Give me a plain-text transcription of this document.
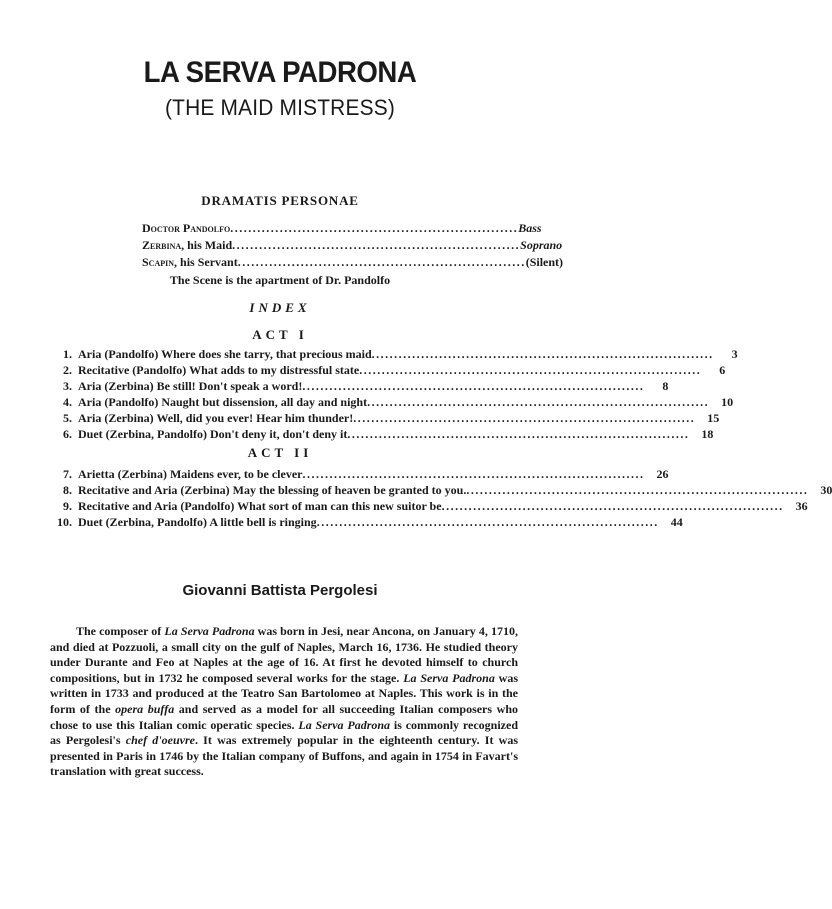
LA SERVA PADRONA
(THE MAID MISTRESS)
DRAMATIS PERSONAE
Doctor Pandolfo ................................................................ Bass
Zerbina , his Maid ................................................................ Soprano
Scapin , his Servant ................................................................ (Silent)
The Scene is the apartment of Dr. Pandolfo
INDEX
ACT I
1. Aria (Pandolfo) Where does she tarry, that precious maid ............................................................................	3
2. Recitative (Pandolfo) What adds to my distressful state ............................................................................	6
3. Aria (Zerbina) Be still! Don't speak a word! ............................................................................	8
4. Aria (Pandolfo) Naught but dissension, all day and night ............................................................................	10
5. Aria (Zerbina) Well, did you ever! Hear him thunder! ............................................................................	15
6. Duet (Zerbina, Pandolfo) Don't deny it, don't deny it ............................................................................	18
ACT II
7. Arietta (Zerbina) Maidens ever, to be clever ............................................................................	26
8. Recitative and Aria (Zerbina) May the blessing of heaven be granted to you. ............................................................................	30
9. Recitative and Aria (Pandolfo) What sort of man can this new suitor be ............................................................................	36
10. Duet (Zerbina, Pandolfo) A little bell is ringing ............................................................................	44
Giovanni Battista Pergolesi

The composer of La Serva Padrona was born in Jesi, near Ancona, on January 4, 1710, and died at Pozzuoli, a small city on the gulf of Naples, March 16, 1736. He studied theory under Durante and Feo at Naples at the age of 16. At first he devoted himself to church compositions, but in 1732 he composed several works for the stage. La Serva Padrona was written in 1733 and produced at the Teatro San Bartolomeo at Naples. This work is in the form of the opera buffa and served as a model for all succeeding Italian composers who chose to use this Italian comic operatic species. La Serva Padrona is commonly recognized as Pergolesi's chef d'oeuvre. It was extremely popular in the eighteenth century. It was presented in Paris in 1746 by the Italian company of Buffons, and again in 1754 in Favart's translation with great success.
